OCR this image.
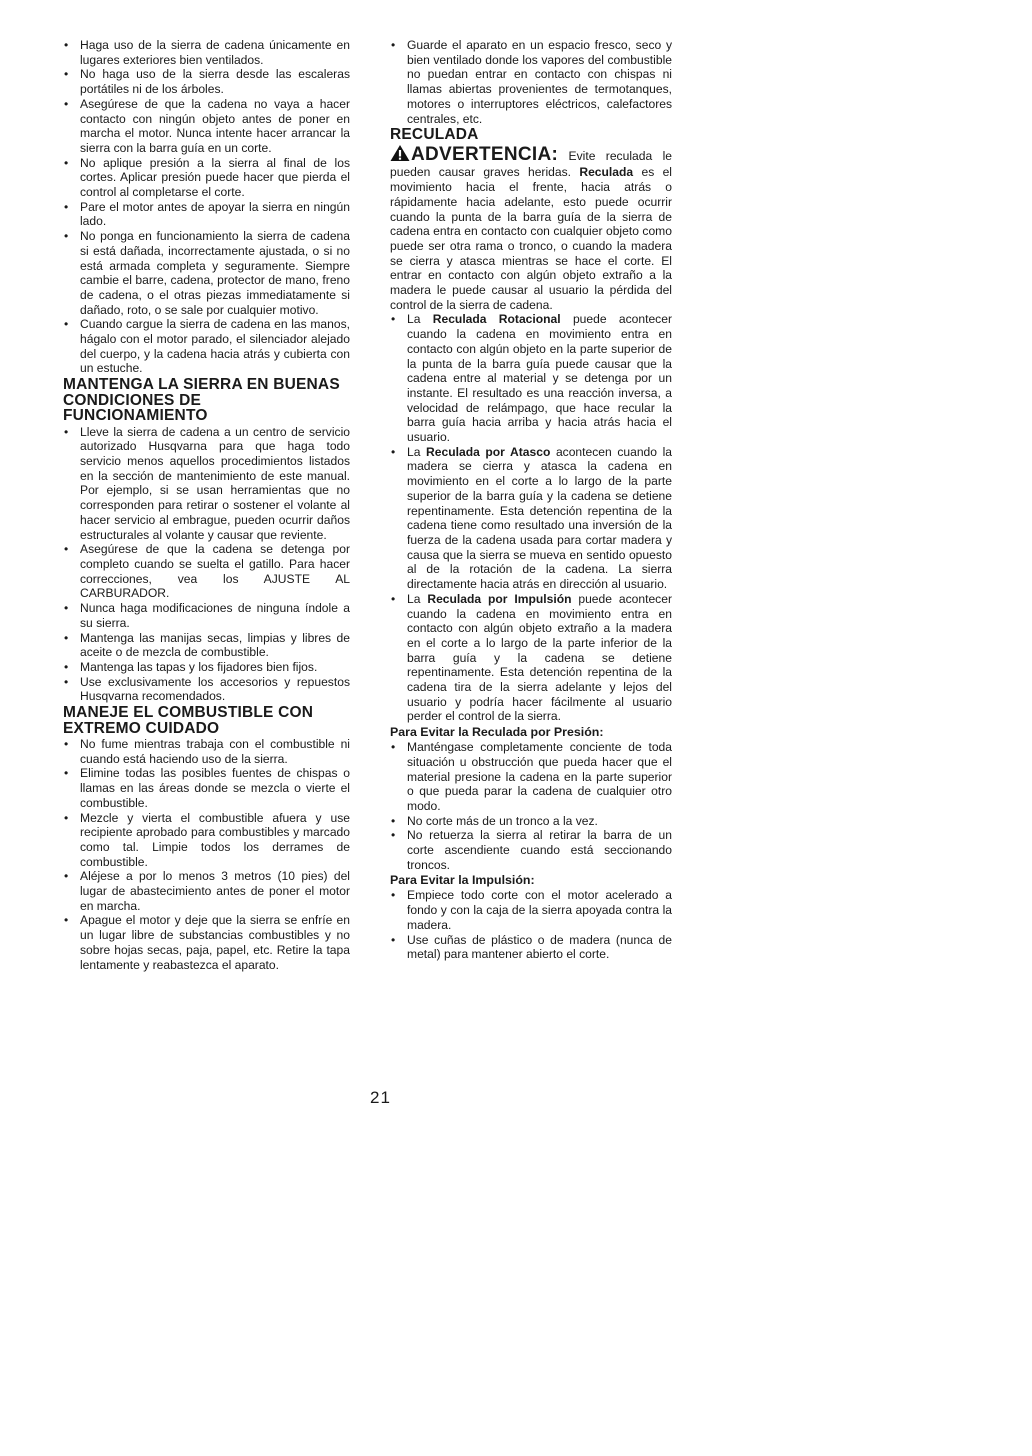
• Haga uso de la sierra de cadena únicamente en lugares exteriores bien ventilados.
• No haga uso de la sierra desde las escaleras portátiles ni de los árboles.
• Asegúrese de que la cadena no vaya a hacer contacto con ningún objeto antes de poner en marcha el motor. Nunca intente hacer arrancar la sierra con la barra guía en un corte.
• No aplique presión a la sierra al final de los cortes. Aplicar presión puede hacer que pierda el control al completarse el corte.
• Pare el motor antes de apoyar la sierra en ningún lado.
• No ponga en funcionamiento la sierra de cadena si está dañada, incorrectamente ajustada, o si no está armada completa y seguramente. Siempre cambie el barre, cadena, protector de mano, freno de cadena, o el otras piezas immediatamente si dañado, roto, o se sale por cualquier motivo.
• Cuando cargue la sierra de cadena en las manos, hágalo con el motor parado, el silenciador alejado del cuerpo, y la cadena hacia atrás y cubierta con un estuche.
MANTENGA LA SIERRA EN BUENAS CONDICIONES DE FUNCIONAMIENTO
• Lleve la sierra de cadena a un centro de servicio autorizado Husqvarna para que haga todo servicio menos aquellos procedimientos listados en la sección de mantenimiento de este manual. Por ejemplo, si se usan herramientas que no corresponden para retirar o sostener el volante al hacer servicio al embrague, pueden ocurrir daños estructurales al volante y causar que reviente.
• Asegúrese de que la cadena se detenga por completo cuando se suelta el gatillo. Para hacer correcciones, vea los AJUSTE AL CARBURADOR.
• Nunca haga modificaciones de ninguna índole a su sierra.
• Mantenga las manijas secas, limpias y libres de aceite o de mezcla de combustible.
• Mantenga las tapas y los fijadores bien fijos.
• Use exclusivamente los accesorios y repuestos Husqvarna recomendados.
MANEJE EL COMBUSTIBLE CON EXTREMO CUIDADO
• No fume mientras trabaja con el combustible ni cuando está haciendo uso de la sierra.
• Elimine todas las posibles fuentes de chispas o llamas en las áreas donde se mezcla o vierte el combustible.
• Mezcle y vierta el combustible afuera y use recipiente aprobado para combustibles y marcado como tal. Limpie todos los derrames de combustible.
• Aléjese a por lo menos 3 metros (10 pies) del lugar de abastecimiento antes de poner el motor en marcha.
• Apague el motor y deje que la sierra se enfríe en un lugar libre de substancias combustibles y no sobre hojas secas, paja, papel, etc. Retire la tapa lentamente y reabastezca el aparato.
• Guarde el aparato en un espacio fresco, seco y bien ventilado donde los vapores del combustible no puedan entrar en contacto con chispas ni llamas abiertas provenientes de termotanques, motores o interruptores eléctricos, calefactores centrales, etc.
RECULADA

ADVERTENCIA: Evite reculada le pueden causar graves heridas. Reculada es el movimiento hacia el frente, hacia atrás o rápidamente hacia adelante, esto puede ocurrir cuando la punta de la barra guía de la sierra de cadena entra en contacto con cualquier objeto como puede ser otra rama o tronco, o cuando la madera se cierra y atasca mientras se hace el corte. El entrar en contacto con algún objeto extraño a la madera le puede causar al usuario la pérdida del control de la sierra de cadena.

• La Reculada Rotacional puede acontecer cuando la cadena en movimiento entra en contacto con algún objeto en la parte superior de la punta de la barra guía puede causar que la cadena entre al material y se detenga por un instante. El resultado es una reacción inversa, a velocidad de relámpago, que hace recular la barra guía hacia arriba y hacia atrás hacia el usuario.
• La Reculada por Atasco acontecen cuando la madera se cierra y atasca la cadena en movimiento en el corte a lo largo de la parte superior de la barra guía y la cadena se detiene repentinamente. Esta detención repentina de la cadena tiene como resultado una inversión de la fuerza de la cadena usada para cortar madera y causa que la sierra se mueva en sentido opuesto al de la rotación de la cadena. La sierra directamente hacia atrás en dirección al usuario.
• La Reculada por Impulsión puede acontecer cuando la cadena en movimiento entra en contacto con algún objeto extraño a la madera en el corte a lo largo de la parte inferior de la barra guía y la cadena se detiene repentinamente. Esta detención repentina de la cadena tira de la sierra adelante y lejos del usuario y podría hacer fácilmente al usuario perder el control de la sierra.
Para Evitar la Reculada por Presión:
• Manténgase completamente conciente de toda situación u obstrucción que pueda hacer que el material presione la cadena en la parte superior o que pueda parar la cadena de cualquier otro modo.
• No corte más de un tronco a la vez.
• No retuerza la sierra al retirar la barra de un corte ascendiente cuando está seccionando troncos.
Para Evitar la Impulsión:
• Empiece todo corte con el motor acelerado a fondo y con la caja de la sierra apoyada contra la madera.
• Use cuñas de plástico o de madera (nunca de metal) para mantener abierto el corte.
21
